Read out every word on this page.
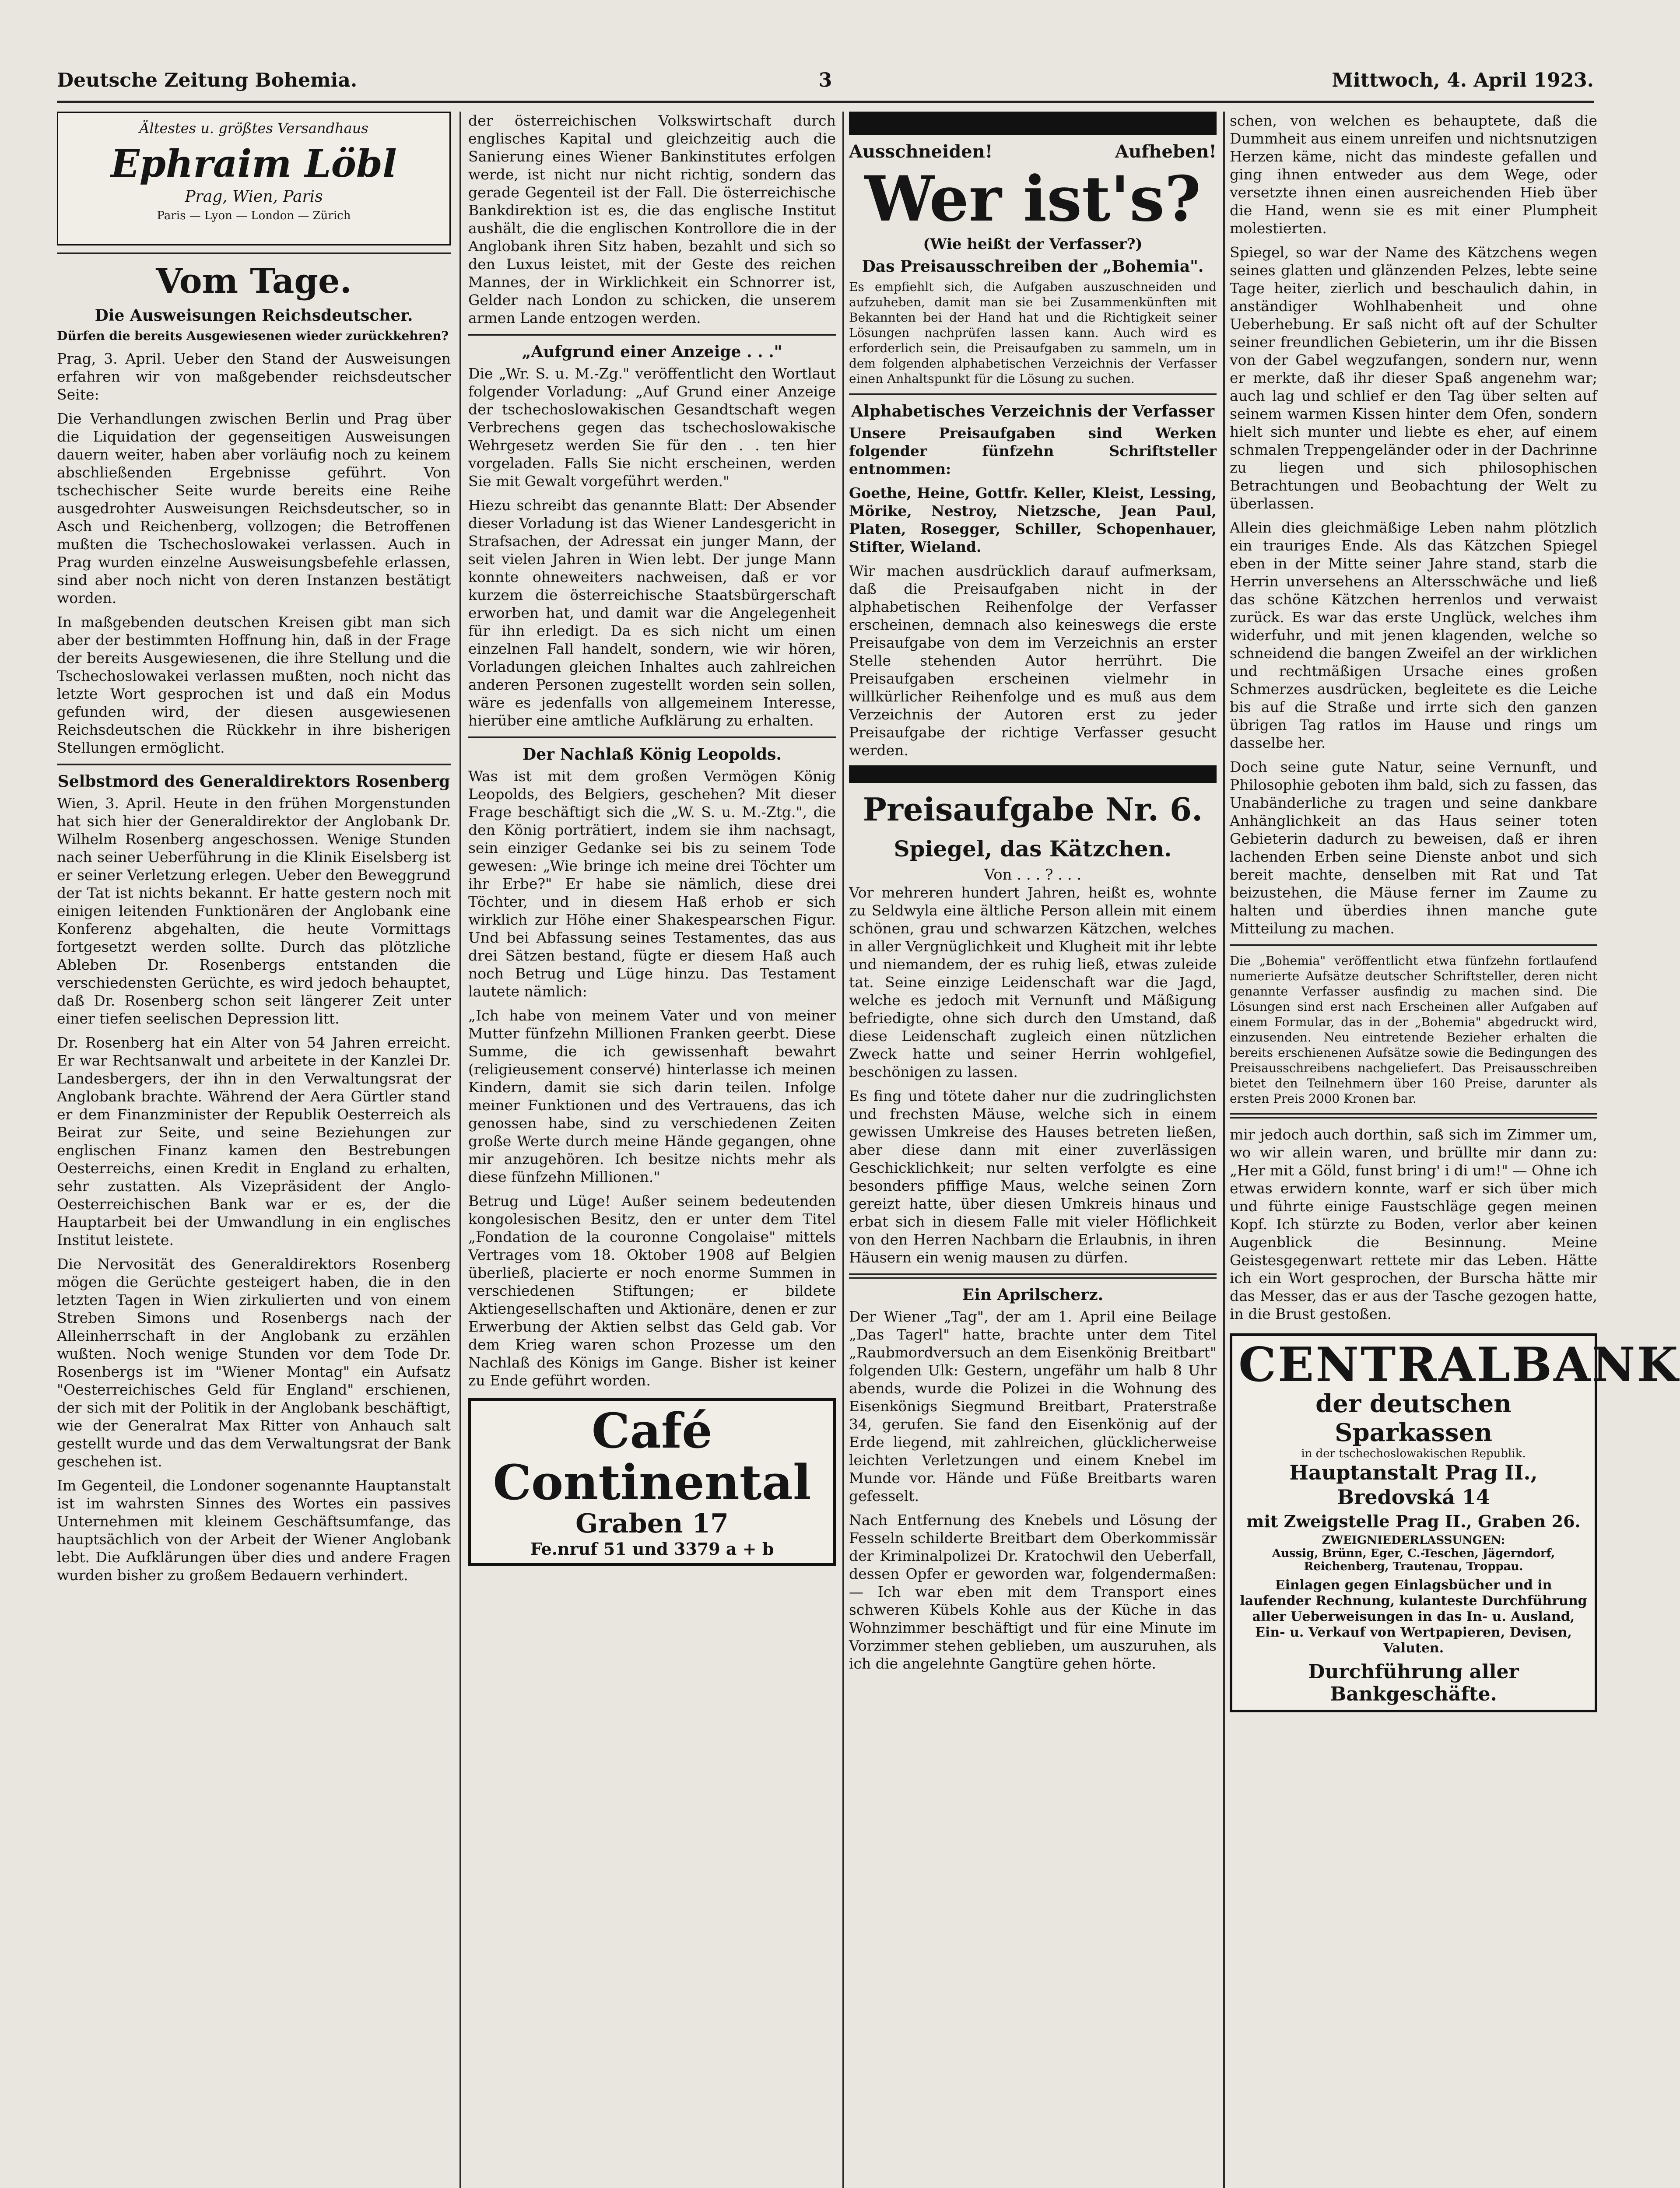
Deutsche Zeitung Bohemia.	3	Mittwoch, 4. April 1923.
Ältestes u. größtes Versandhaus
Ephraim Löbl
Prag, Wien, Paris
Paris — Lyon — London — Zürich
Vom Tage.
Die Ausweisungen Reichsdeutscher.

Dürfen die bereits Ausgewiesenen wieder zurückkehren?

Prag, 3. April. Ueber den Stand der Ausweisungen erfahren wir von maßgebender reichsdeutscher Seite:

Die Verhandlungen zwischen Berlin und Prag über die Liquidation der gegenseitigen Ausweisungen dauern weiter, haben aber vorläufig noch zu keinem abschließenden Ergebnisse geführt. Von tschechischer Seite wurde bereits eine Reihe ausgedrohter Ausweisungen Reichsdeutscher, so in Asch und Reichenberg, vollzogen; die Betroffenen mußten die Tschechoslowakei verlassen. Auch in Prag wurden einzelne Ausweisungsbefehle erlassen, sind aber noch nicht von deren Instanzen bestätigt worden.

In maßgebenden deutschen Kreisen gibt man sich aber der bestimmten Hoffnung hin, daß in der Frage der bereits Ausgewiesenen, die ihre Stellung und die Tschechoslowakei verlassen mußten, noch nicht das letzte Wort gesprochen ist und daß ein Modus gefunden wird, der diesen ausgewiesenen Reichsdeutschen die Rückkehr in ihre bisherigen Stellungen ermöglicht.

Selbstmord des Generaldirektors Rosenberg

Wien, 3. April. Heute in den frühen Morgenstunden hat sich hier der Generaldirektor der Anglobank Dr. Wilhelm Rosenberg angeschossen. Wenige Stunden nach seiner Ueberführung in die Klinik Eiselsberg ist er seiner Verletzung erlegen. Ueber den Beweggrund der Tat ist nichts bekannt. Er hatte gestern noch mit einigen leitenden Funktionären der Anglobank eine Konferenz abgehalten, die heute Vormittags fortgesetzt werden sollte. Durch das plötzliche Ableben Dr. Rosenbergs entstanden die verschiedensten Gerüchte, es wird jedoch behauptet, daß Dr. Rosenberg schon seit längerer Zeit unter einer tiefen seelischen Depression litt.

Dr. Rosenberg hat ein Alter von 54 Jahren erreicht. Er war Rechtsanwalt und arbeitete in der Kanzlei Dr. Landesbergers, der ihn in den Verwaltungsrat der Anglobank brachte. Während der Aera Gürtler stand er dem Finanzminister der Republik Oesterreich als Beirat zur Seite, und seine Beziehungen zur englischen Finanz kamen den Bestrebungen Oesterreichs, einen Kredit in England zu erhalten, sehr zustatten. Als Vizepräsident der Anglo-Oesterreichischen Bank war er es, der die Hauptarbeit bei der Umwandlung in ein englisches Institut leistete.

Die Nervosität des Generaldirektors Rosenberg mögen die Gerüchte gesteigert haben, die in den letzten Tagen in Wien zirkulierten und von einem Streben Simons und Rosenbergs nach der Alleinherrschaft in der Anglobank zu erzählen wußten. Noch wenige Stunden vor dem Tode Dr. Rosenbergs ist im "Wiener Montag" ein Aufsatz "Oesterreichisches Geld für England" erschienen, der sich mit der Politik in der Anglobank beschäftigt, wie der Generalrat Max Ritter von Anhauch salt gestellt wurde und das dem Verwaltungsrat der Bank geschehen ist.

Im Gegenteil, die Londoner sogenannte Hauptanstalt ist im wahrsten Sinnes des Wortes ein passives Unternehmen mit kleinem Geschäftsumfange, das hauptsächlich von der Arbeit der Wiener Anglobank lebt. Die Aufklärungen über dies und andere Fragen wurden bisher zu großem Bedauern verhindert.

der österreichischen Volkswirtschaft durch englisches Kapital und gleichzeitig auch die Sanierung eines Wiener Bankinstitutes erfolgen werde, ist nicht nur nicht richtig, sondern das gerade Gegenteil ist der Fall. Die österreichische Bankdirektion ist es, die das englische Institut aushält, die die englischen Kontrollore die in der Anglobank ihren Sitz haben, bezahlt und sich so den Luxus leistet, mit der Geste des reichen Mannes, der in Wirklichkeit ein Schnorrer ist, Gelder nach London zu schicken, die unserem armen Lande entzogen werden.

„Aufgrund einer Anzeige . . ."

Die „Wr. S. u. M.-Zg." veröffentlicht den Wortlaut folgender Vorladung: „Auf Grund einer Anzeige der tschechoslowakischen Gesandtschaft wegen Verbrechens gegen das tschechoslowakische Wehrgesetz werden Sie für den . . ten hier vorgeladen. Falls Sie nicht erscheinen, werden Sie mit Gewalt vorgeführt werden."

Hiezu schreibt das genannte Blatt: Der Absender dieser Vorladung ist das Wiener Landesgericht in Strafsachen, der Adressat ein junger Mann, der seit vielen Jahren in Wien lebt. Der junge Mann konnte ohneweiters nachweisen, daß er vor kurzem die österreichische Staatsbürgerschaft erworben hat, und damit war die Angelegenheit für ihn erledigt. Da es sich nicht um einen einzelnen Fall handelt, sondern, wie wir hören, Vorladungen gleichen Inhaltes auch zahlreichen anderen Personen zugestellt worden sein sollen, wäre es jedenfalls von allgemeinem Interesse, hierüber eine amtliche Aufklärung zu erhalten.

Der Nachlaß König Leopolds.

Was ist mit dem großen Vermögen König Leopolds, des Belgiers, geschehen? Mit dieser Frage beschäftigt sich die „W. S. u. M.-Ztg.", die den König porträtiert, indem sie ihm nachsagt, sein einziger Gedanke sei bis zu seinem Tode gewesen: „Wie bringe ich meine drei Töchter um ihr Erbe?" Er habe sie nämlich, diese drei Töchter, und in diesem Haß erhob er sich wirklich zur Höhe einer Shakespearschen Figur. Und bei Abfassung seines Testamentes, das aus drei Sätzen bestand, fügte er diesem Haß auch noch Betrug und Lüge hinzu. Das Testament lautete nämlich:

„Ich habe von meinem Vater und von meiner Mutter fünfzehn Millionen Franken geerbt. Diese Summe, die ich gewissenhaft bewahrt (religieusement conservé) hinterlasse ich meinen Kindern, damit sie sich darin teilen. Infolge meiner Funktionen und des Vertrauens, das ich genossen habe, sind zu verschiedenen Zeiten große Werte durch meine Hände gegangen, ohne mir anzugehören. Ich besitze nichts mehr als diese fünfzehn Millionen."

Betrug und Lüge! Außer seinem bedeutenden kongolesischen Besitz, den er unter dem Titel „Fondation de la couronne Congolaise" mittels Vertrages vom 18. Oktober 1908 auf Belgien überließ, placierte er noch enorme Summen in verschiedenen Stiftungen; er bildete Aktiengesellschaften und Aktionäre, denen er zur Erwerbung der Aktien selbst das Geld gab. Vor dem Krieg waren schon Prozesse um den Nachlaß des Königs im Gange. Bisher ist keiner zu Ende geführt worden.

Café Continental
Graben 17
Fe.nruf 51 und 3379 a + b
Ausschneiden!	Aufheben!
Wer ist's?
(Wie heißt der Verfasser?)
Das Preisausschreiben der „Bohemia".

Es empfiehlt sich, die Aufgaben auszuschneiden und aufzuheben, damit man sie bei Zusammenkünften mit Bekannten bei der Hand hat und die Richtigkeit seiner Lösungen nachprüfen lassen kann. Auch wird es erforderlich sein, die Preisaufgaben zu sammeln, um in dem folgenden alphabetischen Verzeichnis der Verfasser einen Anhaltspunkt für die Lösung zu suchen.

Alphabetisches Verzeichnis der Verfasser

Unsere Preisaufgaben sind Werken folgender fünfzehn Schriftsteller entnommen:

Goethe, Heine, Gottfr. Keller, Kleist, Lessing, Mörike, Nestroy, Nietzsche, Jean Paul, Platen, Rosegger, Schiller, Schopenhauer, Stifter, Wieland.

Wir machen ausdrücklich darauf aufmerksam, daß die Preisaufgaben nicht in der alphabetischen Reihenfolge der Verfasser erscheinen, demnach also keineswegs die erste Preisaufgabe von dem im Verzeichnis an erster Stelle stehenden Autor herrührt. Die Preisaufgaben erscheinen vielmehr in willkürlicher Reihenfolge und es muß aus dem Verzeichnis der Autoren erst zu jeder Preisaufgabe der richtige Verfasser gesucht werden.

Preisaufgabe Nr. 6.
Spiegel, das Kätzchen.
Von . . . ? . . .

Vor mehreren hundert Jahren, heißt es, wohnte zu Seldwyla eine ältliche Person allein mit einem schönen, grau und schwarzen Kätzchen, welches in aller Vergnüglichkeit und Klugheit mit ihr lebte und niemandem, der es ruhig ließ, etwas zuleide tat. Seine einzige Leidenschaft war die Jagd, welche es jedoch mit Vernunft und Mäßigung befriedigte, ohne sich durch den Umstand, daß diese Leidenschaft zugleich einen nützlichen Zweck hatte und seiner Herrin wohlgefiel, beschönigen zu lassen.

Es fing und tötete daher nur die zudringlichsten und frechsten Mäuse, welche sich in einem gewissen Umkreise des Hauses betreten ließen, aber diese dann mit einer zuverlässigen Geschicklichkeit; nur selten verfolgte es eine besonders pfiffige Maus, welche seinen Zorn gereizt hatte, über diesen Umkreis hinaus und erbat sich in diesem Falle mit vieler Höflichkeit von den Herren Nachbarn die Erlaubnis, in ihren Häusern ein wenig mausen zu dürfen.

Ein Aprilscherz.

Der Wiener „Tag", der am 1. April eine Beilage „Das Tagerl" hatte, brachte unter dem Titel „Raubmordversuch an dem Eisenkönig Breitbart" folgenden Ulk: Gestern, ungefähr um halb 8 Uhr abends, wurde die Polizei in die Wohnung des Eisenkönigs Siegmund Breitbart, Praterstraße 34, gerufen. Sie fand den Eisenkönig auf der Erde liegend, mit zahlreichen, glücklicherweise leichten Verletzungen und einem Knebel im Munde vor. Hände und Füße Breitbarts waren gefesselt.

Nach Entfernung des Knebels und Lösung der Fesseln schilderte Breitbart dem Oberkommissär der Kriminalpolizei Dr. Kratochwil den Ueberfall, dessen Opfer er geworden war, folgendermaßen: — Ich war eben mit dem Transport eines schweren Kübels Kohle aus der Küche in das Wohnzimmer beschäftigt und für eine Minute im Vorzimmer stehen geblieben, um auszuruhen, als ich die angelehnte Gangtüre gehen hörte.

schen, von welchen es behauptete, daß die Dummheit aus einem unreifen und nichtsnutzigen Herzen käme, nicht das mindeste gefallen und ging ihnen entweder aus dem Wege, oder versetzte ihnen einen ausreichenden Hieb über die Hand, wenn sie es mit einer Plumpheit molestierten.

Spiegel, so war der Name des Kätzchens wegen seines glatten und glänzenden Pelzes, lebte seine Tage heiter, zierlich und beschaulich dahin, in anständiger Wohlhabenheit und ohne Ueberhebung. Er saß nicht oft auf der Schulter seiner freundlichen Gebieterin, um ihr die Bissen von der Gabel wegzufangen, sondern nur, wenn er merkte, daß ihr dieser Spaß angenehm war; auch lag und schlief er den Tag über selten auf seinem warmen Kissen hinter dem Ofen, sondern hielt sich munter und liebte es eher, auf einem schmalen Treppengeländer oder in der Dachrinne zu liegen und sich philosophischen Betrachtungen und Beobachtung der Welt zu überlassen.

Allein dies gleichmäßige Leben nahm plötzlich ein trauriges Ende. Als das Kätzchen Spiegel eben in der Mitte seiner Jahre stand, starb die Herrin unversehens an Altersschwäche und ließ das schöne Kätzchen herrenlos und verwaist zurück. Es war das erste Unglück, welches ihm widerfuhr, und mit jenen klagenden, welche so schneidend die bangen Zweifel an der wirklichen und rechtmäßigen Ursache eines großen Schmerzes ausdrücken, begleitete es die Leiche bis auf die Straße und irrte sich den ganzen übrigen Tag ratlos im Hause und rings um dasselbe her.

Doch seine gute Natur, seine Vernunft, und Philosophie geboten ihm bald, sich zu fassen, das Unabänderliche zu tragen und seine dankbare Anhänglichkeit an das Haus seiner toten Gebieterin dadurch zu beweisen, daß er ihren lachenden Erben seine Dienste anbot und sich bereit machte, denselben mit Rat und Tat beizustehen, die Mäuse ferner im Zaume zu halten und überdies ihnen manche gute Mitteilung zu machen.

Die „Bohemia" veröffentlicht etwa fünfzehn fortlaufend numerierte Aufsätze deutscher Schriftsteller, deren nicht genannte Verfasser ausfindig zu machen sind. Die Lösungen sind erst nach Erscheinen aller Aufgaben auf einem Formular, das in der „Bohemia" abgedruckt wird, einzusenden. Neu eintretende Bezieher erhalten die bereits erschienenen Aufsätze sowie die Bedingungen des Preisausschreibens nachgeliefert. Das Preisausschreiben bietet den Teilnehmern über 160 Preise, darunter als ersten Preis 2000 Kronen bar.

mir jedoch auch dorthin, saß sich im Zimmer um, wo wir allein waren, und brüllte mir dann zu: „Her mit a Göld, funst bring' i di um!" — Ohne ich etwas erwidern konnte, warf er sich über mich und führte einige Faustschläge gegen meinen Kopf. Ich stürzte zu Boden, verlor aber keinen Augenblick die Besinnung. Meine Geistesgegenwart rettete mir das Leben. Hätte ich ein Wort gesprochen, der Burscha hätte mir das Messer, das er aus der Tasche gezogen hatte, in die Brust gestoßen.

CENTRALBANK
der deutschen Sparkassen
in der tschechoslowakischen Republik.
Hauptanstalt Prag II., Bredovská 14
mit Zweigstelle Prag II., Graben 26.
ZWEIGNIEDERLASSUNGEN:
Aussig, Brünn, Eger, C.-Teschen, Jägerndorf, Reichenberg, Trautenau, Troppau.
Einlagen gegen Einlagsbücher und in laufender Rechnung, kulanteste Durchführung aller Ueberweisungen in das In- u. Ausland, Ein- u. Verkauf von Wertpapieren, Devisen, Valuten.
Durchführung aller Bankgeschäfte.
